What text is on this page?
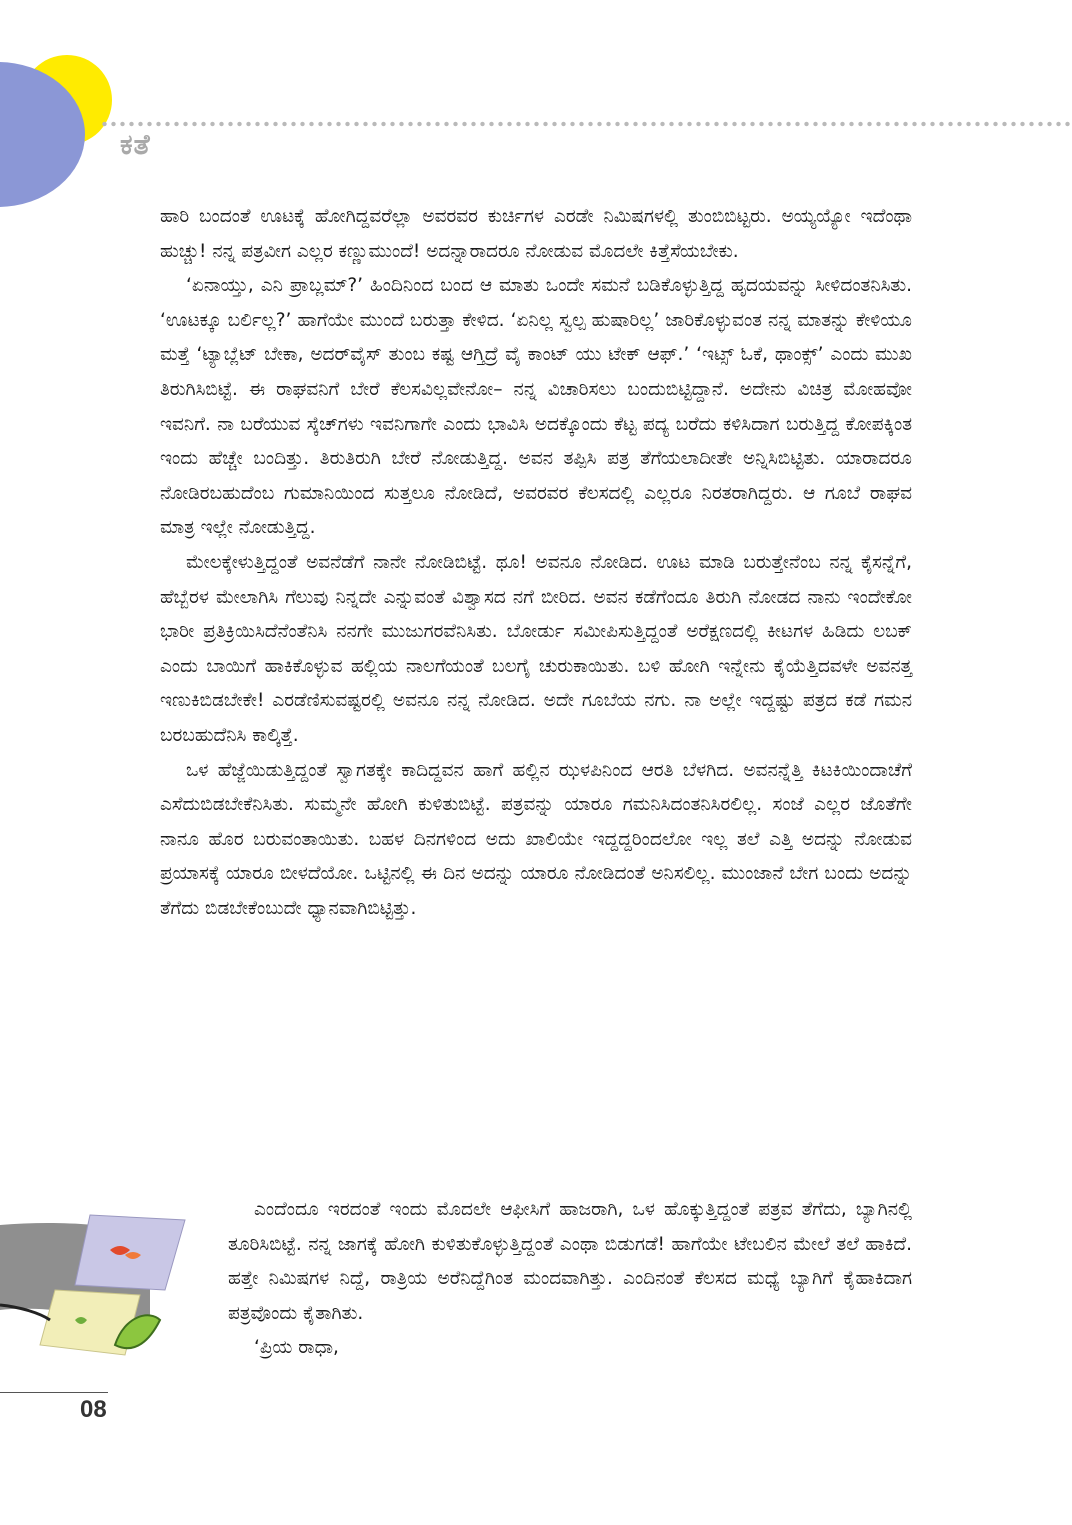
ಕತೆ

ಹಾರಿ ಬಂದಂತೆ ಊಟಕ್ಕೆ ಹೋಗಿದ್ದವರೆಲ್ಲಾ ಅವರವರ ಕುರ್ಚಿಗಳ ಎರಡೇ ನಿಮಿಷಗಳಲ್ಲಿ ತುಂಬಿಬಿಟ್ಟರು. ಅಯ್ಯಯ್ಯೋ ಇದೆಂಥಾ ಹುಚ್ಚು! ನನ್ನ ಪತ್ರವೀಗ ಎಲ್ಲರ ಕಣ್ಣುಮುಂದೆ! ಅದನ್ನಾರಾದರೂ ನೋಡುವ ಮೊದಲೇ ಕಿತ್ತೆಸೆಯಬೇಕು.

‘ಏನಾಯ್ತು, ಎನಿ ಪ್ರಾಬ್ಲಮ್?’ ಹಿಂದಿನಿಂದ ಬಂದ ಆ ಮಾತು ಒಂದೇ ಸಮನೆ ಬಡಿಕೊಳ್ಳುತ್ತಿದ್ದ ಹೃದಯವನ್ನು ಸೀಳಿದಂತನಿಸಿತು. ‘ಊಟಕ್ಕೂ ಬರ್ಲಿಲ್ಲ?’ ಹಾಗೆಯೇ ಮುಂದೆ ಬರುತ್ತಾ ಕೇಳಿದ. ‘ಏನಿಲ್ಲ ಸ್ವಲ್ಪ ಹುಷಾರಿಲ್ಲ’ ಜಾರಿಕೊಳ್ಳುವಂತ ನನ್ನ ಮಾತನ್ನು ಕೇಳಿಯೂ ಮತ್ತೆ ‘ಟ್ಯಾಬ್ಲೆಟ್ ಬೇಕಾ, ಅದರ್‌ವೈಸ್ ತುಂಬ ಕಷ್ಟ ಆಗ್ತಿದ್ರೆ ವೈ ಕಾಂಟ್ ಯು ಟೇಕ್ ಆಫ್.’ ‘ಇಟ್ಸ್ ಓಕೆ, ಥಾಂಕ್ಸ್’ ಎಂದು ಮುಖ ತಿರುಗಿಸಿಬಿಟ್ಟೆ. ಈ ರಾಘವನಿಗೆ ಬೇರೆ ಕೆಲಸವಿಲ್ಲವೇನೋ– ನನ್ನ ವಿಚಾರಿಸಲು ಬಂದುಬಿಟ್ಟಿದ್ದಾನೆ. ಅದೇನು ವಿಚಿತ್ರ ಮೋಹವೋ ಇವನಿಗೆ. ನಾ ಬರೆಯುವ ಸ್ಕೆಚ್‌ಗಳು ಇವನಿಗಾಗೇ ಎಂದು ಭಾವಿಸಿ ಅದಕ್ಕೊಂದು ಕೆಟ್ಟ ಪದ್ಯ ಬರೆದು ಕಳಿಸಿದಾಗ ಬರುತ್ತಿದ್ದ ಕೋಪಕ್ಕಿಂತ ಇಂದು ಹೆಚ್ಚೇ ಬಂದಿತ್ತು. ತಿರುತಿರುಗಿ ಬೇರೆ ನೋಡುತ್ತಿದ್ದ. ಅವನ ತಪ್ಪಿಸಿ ಪತ್ರ ತೆಗೆಯಲಾದೀತೇ ಅನ್ನಿಸಿಬಿಟ್ಟಿತು. ಯಾರಾದರೂ ನೋಡಿರಬಹುದೆಂಬ ಗುಮಾನಿಯಿಂದ ಸುತ್ತಲೂ ನೋಡಿದೆ, ಅವರವರ ಕೆಲಸದಲ್ಲಿ ಎಲ್ಲರೂ ನಿರತರಾಗಿದ್ದರು. ಆ ಗೂಬೆ ರಾಘವ ಮಾತ್ರ ಇಲ್ಲೇ ನೋಡುತ್ತಿದ್ದ.

ಮೇಲಕ್ಕೇಳುತ್ತಿದ್ದಂತೆ ಅವನೆಡೆಗೆ ನಾನೇ ನೋಡಿಬಿಟ್ಟೆ. ಥೂ! ಅವನೂ ನೋಡಿದ. ಊಟ ಮಾಡಿ ಬರುತ್ತೇನೆಂಬ ನನ್ನ ಕೈಸನ್ನೆಗೆ, ಹೆಬ್ಬೆರಳ ಮೇಲಾಗಿಸಿ ಗೆಲುವು ನಿನ್ನದೇ ಎನ್ನುವಂತೆ ವಿಶ್ವಾಸದ ನಗೆ ಬೀರಿದ. ಅವನ ಕಡೆಗೆಂದೂ ತಿರುಗಿ ನೋಡದ ನಾನು ಇಂದೇಕೋ ಭಾರೀ ಪ್ರತಿಕ್ರಿಯಿಸಿದೆನೆಂತೆನಿಸಿ ನನಗೇ ಮುಜುಗರವೆನಿಸಿತು. ಬೋರ್ಡು ಸಮೀಪಿಸುತ್ತಿದ್ದಂತೆ ಅರೆಕ್ಷಣದಲ್ಲಿ ಕೀಟಗಳ ಹಿಡಿದು ಲಬಕ್ ಎಂದು ಬಾಯಿಗೆ ಹಾಕಿಕೊಳ್ಳುವ ಹಲ್ಲಿಯ ನಾಲಗೆಯಂತೆ ಬಲಗೈ ಚುರುಕಾಯಿತು. ಬಳಿ ಹೋಗಿ ಇನ್ನೇನು ಕೈಯೆತ್ತಿದವಳೇ ಅವನತ್ತ ಇಣುಕಿಬಿಡಬೇಕೇ! ಎರಡೆಣಿಸುವಷ್ಟರಲ್ಲಿ ಅವನೂ ನನ್ನ ನೋಡಿದ. ಅದೇ ಗೂಬೆಯ ನಗು. ನಾ ಅಲ್ಲೇ ಇದ್ದಷ್ಟು ಪತ್ರದ ಕಡೆ ಗಮನ ಬರಬಹುದೆನಿಸಿ ಕಾಲ್ಕಿತ್ತೆ.

ಒಳ ಹೆಜ್ಜೆಯಿಡುತ್ತಿದ್ದಂತೆ ಸ್ವಾಗತಕ್ಕೇ ಕಾದಿದ್ದವನ ಹಾಗೆ ಹಲ್ಲಿನ ಝಳಪಿನಿಂದ ಆರತಿ ಬೆಳಗಿದ. ಅವನನ್ನೆತ್ತಿ ಕಿಟಕಿಯಿಂದಾಚೆಗೆ ಎಸೆದುಬಿಡಬೇಕೆನಿಸಿತು. ಸುಮ್ಮನೇ ಹೋಗಿ ಕುಳಿತುಬಿಟ್ಟೆ. ಪತ್ರವನ್ನು ಯಾರೂ ಗಮನಿಸಿದಂತನಿಸಿರಲಿಲ್ಲ. ಸಂಜೆ ಎಲ್ಲರ ಜೊತೆಗೇ ನಾನೂ ಹೊರ ಬರುವಂತಾಯಿತು. ಬಹಳ ದಿನಗಳಿಂದ ಅದು ಖಾಲಿಯೇ ಇದ್ದದ್ದರಿಂದಲೋ ಇಲ್ಲ ತಲೆ ಎತ್ತಿ ಅದನ್ನು ನೋಡುವ ಪ್ರಯಾಸಕ್ಕೆ ಯಾರೂ ಬೀಳದೆಯೋ. ಒಟ್ಟಿನಲ್ಲಿ ಈ ದಿನ ಅದನ್ನು ಯಾರೂ ನೋಡಿದಂತೆ ಅನಿಸಲಿಲ್ಲ. ಮುಂಜಾನೆ ಬೇಗ ಬಂದು ಅದನ್ನು ತೆಗೆದು ಬಿಡಬೇಕೆಂಬುದೇ ಧ್ಯಾನವಾಗಿಬಿಟ್ಟಿತ್ತು.

ಎಂದೆಂದೂ ಇರದಂತೆ ಇಂದು ಮೊದಲೇ ಆಫೀಸಿಗೆ ಹಾಜರಾಗಿ, ಒಳ ಹೊಕ್ಕುತ್ತಿದ್ದಂತೆ ಪತ್ರವ ತೆಗೆದು, ಬ್ಯಾಗಿನಲ್ಲಿ ತೂರಿಸಿಬಿಟ್ಟೆ. ನನ್ನ ಜಾಗಕ್ಕೆ ಹೋಗಿ ಕುಳಿತುಕೊಳ್ಳುತ್ತಿದ್ದಂತೆ ಎಂಥಾ ಬಿಡುಗಡೆ! ಹಾಗೆಯೇ ಟೇಬಲಿನ ಮೇಲೆ ತಲೆ ಹಾಕಿದೆ. ಹತ್ತೇ ನಿಮಿಷಗಳ ನಿದ್ದೆ, ರಾತ್ರಿಯ ಅರೆನಿದ್ದೆಗಿಂತ ಮಂದವಾಗಿತ್ತು. ಎಂದಿನಂತೆ ಕೆಲಸದ ಮಧ್ಯೆ ಬ್ಯಾಗಿಗೆ ಕೈಹಾಕಿದಾಗ ಪತ್ರವೊಂದು ಕೈತಾಗಿತು.

‘ಪ್ರಿಯ ರಾಧಾ,

08
